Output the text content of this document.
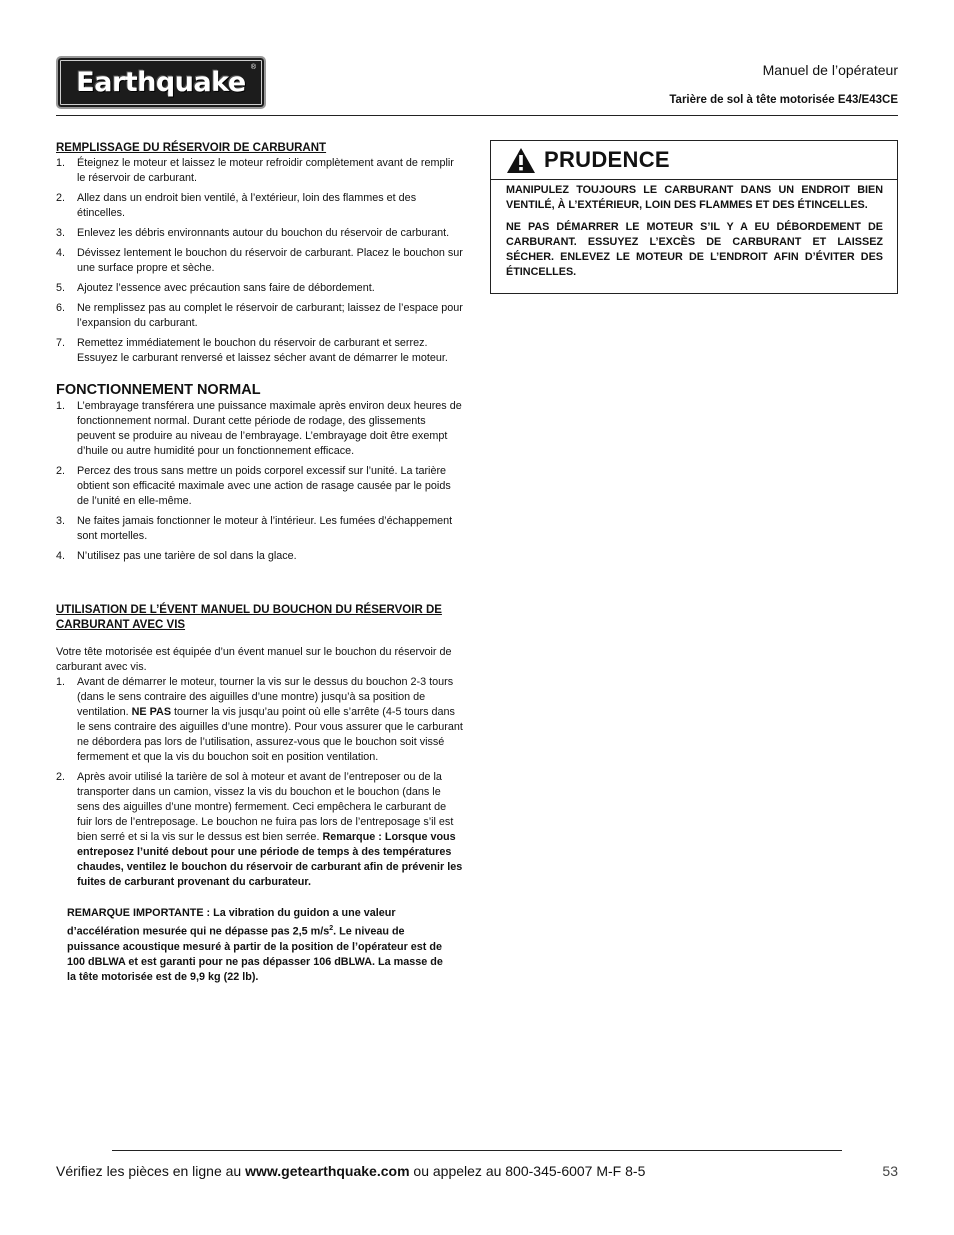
Earthquake ®	Manuel de l’opérateur
Tarière de sol à tête motorisée E43/E43CE
REMPLISSAGE DU RÉSERVOIR DE CARBURANT
1.	Éteignez le moteur et laissez le moteur refroidir complètement avant de remplir le réservoir de carburant.
2.	Allez dans un endroit bien ventilé, à l’extérieur, loin des flammes et des étincelles.
3.	Enlevez les débris environnants autour du bouchon du réservoir de carburant.
4.	Dévissez lentement le bouchon du réservoir de carburant. Placez le bouchon sur une surface propre et sèche.
5.	Ajoutez l’essence avec précaution sans faire de débordement.
6.	Ne remplissez pas au complet le réservoir de carburant; laissez de l’espace pour l’expansion du carburant.
7.	Remettez immédiatement le bouchon du réservoir de carburant et serrez. Essuyez le carburant renversé et laissez sécher avant de démarrer le moteur.
FONCTIONNEMENT NORMAL
1.	L’embrayage transférera une puissance maximale après environ deux heures de fonctionnement normal. Durant cette période de rodage, des glissements peuvent se produire au niveau de l’embrayage. L’embrayage doit être exempt d’huile ou autre humidité pour un fonctionnement efficace.
2.	Percez des trous sans mettre un poids corporel excessif sur l’unité. La tarière obtient son efficacité maximale avec une action de rasage causée par le poids de l’unité en elle-même.
3.	Ne faites jamais fonctionner le moteur à l’intérieur. Les fumées d’échappement sont mortelles.
4.	N’utilisez pas une tarière de sol dans la glace.
UTILISATION DE L’ÉVENT MANUEL DU BOUCHON DU RÉSERVOIR DE CARBURANT AVEC VIS
Votre tête motorisée est équipée d’un évent manuel sur le bouchon du réservoir de carburant avec vis.
1.	Avant de démarrer le moteur, tourner la vis sur le dessus du bouchon 2-3 tours (dans le sens contraire des aiguilles d’une montre) jusqu’à sa position de ventilation. NE PAS tourner la vis jusqu’au point où elle s’arrête (4-5 tours dans le sens contraire des aiguilles d’une montre). Pour vous assurer que le carburant ne débordera pas lors de l’utilisation, assurez-vous que le bouchon soit vissé fermement et que la vis du bouchon soit en position ventilation.
2.	Après avoir utilisé la tarière de sol à moteur et avant de l’entreposer ou de la transporter dans un camion, vissez la vis du bouchon et le bouchon (dans le sens des aiguilles d’une montre) fermement. Ceci empêchera le carburant de fuir lors de l’entreposage. Le bouchon ne fuira pas lors de l’entreposage s’il est bien serré et si la vis sur le dessus est bien serrée. Remarque : Lorsque vous entreposez l’unité debout pour une période de temps à des températures chaudes, ventilez le bouchon du réservoir de carburant afin de prévenir les fuites de carburant provenant du carburateur.
REMARQUE IMPORTANTE : La vibration du guidon a une valeur d’accélération mesurée qui ne dépasse pas 2,5 $m/s^2$. Le niveau de puissance acoustique mesuré à partir de la position de l’opérateur est de 100 dBLWA et est garanti pour ne pas dépasser 106 dBLWA. La masse de la tête motorisée est de 9,9 kg (22 lb).
PRUDENCE

MANIPULEZ TOUJOURS LE CARBURANT DANS UN ENDROIT BIEN VENTILÉ, À L’EXTÉRIEUR, LOIN DES FLAMMES ET DES ÉTINCELLES.

NE PAS DÉMARRER LE MOTEUR S’IL Y A EU DÉBORDEMENT DE CARBURANT. ESSUYEZ L’EXCÈS DE CARBURANT ET LAISSEZ SÉCHER. ENLEVEZ LE MOTEUR DE L’ENDROIT AFIN D’ÉVITER DES ÉTINCELLES.

Vérifiez les pièces en ligne au www.getearthquake.com ou appelez au 800-345-6007 M-F 8-5	53
